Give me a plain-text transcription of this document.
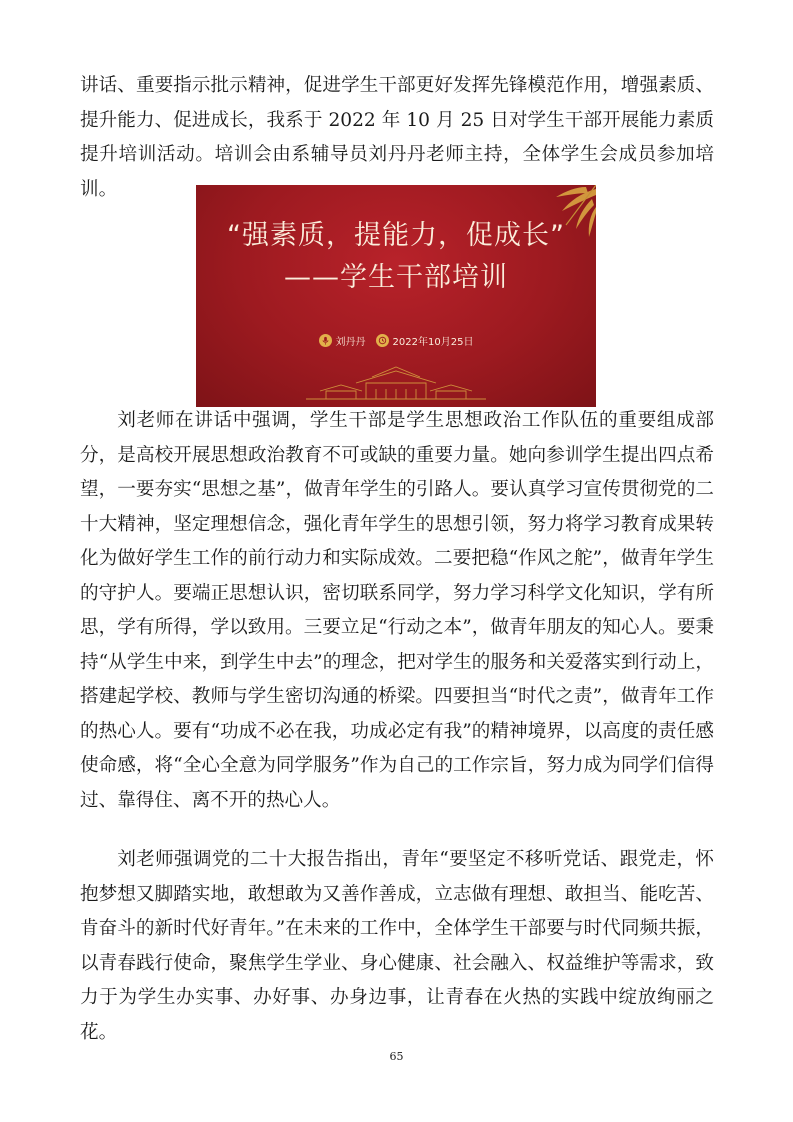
讲话、重要指示批示精神，促进学生干部更好发挥先锋模范作用，增强素质、提升能力、促进成长，我系于 2022 年 10 月 25 日对学生干部开展能力素质提升培训活动。培训会由系辅导员刘丹丹老师主持，全体学生会成员参加培训。

“强素质，提能力，促成长”
——学生干部培训
刘丹丹	2022年10月25日

刘老师在讲话中强调，学生干部是学生思想政治工作队伍的重要组成部分，是高校开展思想政治教育不可或缺的重要力量。她向参训学生提出四点希望，一要夯实“思想之基”，做青年学生的引路人。要认真学习宣传贯彻党的二十大精神，坚定理想信念，强化青年学生的思想引领，努力将学习教育成果转化为做好学生工作的前行动力和实际成效。二要把稳“作风之舵”，做青年学生的守护人。要端正思想认识，密切联系同学，努力学习科学文化知识，学有所思，学有所得，学以致用。三要立足“行动之本”，做青年朋友的知心人。要秉持“从学生中来，到学生中去”的理念，把对学生的服务和关爱落实到行动上，搭建起学校、教师与学生密切沟通的桥梁。四要担当“时代之责”，做青年工作的热心人。要有“功成不必在我，功成必定有我”的精神境界，以高度的责任感使命感，将“全心全意为同学服务”作为自己的工作宗旨，努力成为同学们信得过、靠得住、离不开的热心人。

刘老师强调党的二十大报告指出，青年“要坚定不移听党话、跟党走，怀抱梦想又脚踏实地，敢想敢为又善作善成，立志做有理想、敢担当、能吃苦、肯奋斗的新时代好青年。”在未来的工作中，全体学生干部要与时代同频共振，以青春践行使命，聚焦学生学业、身心健康、社会融入、权益维护等需求，致力于为学生办实事、办好事、办身边事，让青春在火热的实践中绽放绚丽之花。

65
